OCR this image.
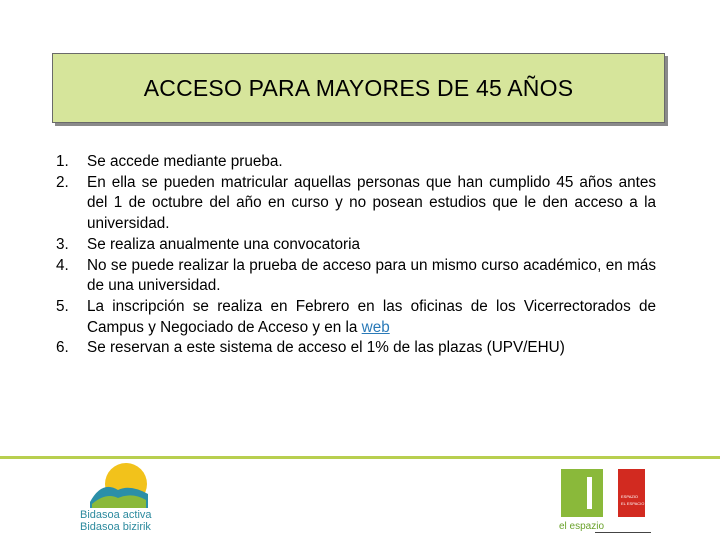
ACCESO PARA MAYORES DE 45 AÑOS
1.	Se accede mediante prueba.
2.	En ella se pueden matricular aquellas personas que han cumplido 45 años antes del 1 de octubre del año en curso y no posean estudios que le den acceso a la universidad.
3.	Se realiza anualmente una convocatoria
4.	No se puede realizar la prueba de acceso para un mismo curso académico, en más de una universidad.
5.	La inscripción se realiza en Febrero en las oficinas de los Vicerrectorados de Campus y Negociado de Acceso y en la web
6.	Se reservan a este sistema de acceso el 1% de las plazas (UPV/EHU)
Bidasoa activa
Bidasoa bizirik
ESPAZIO
EL ESPACIO
el espazio
